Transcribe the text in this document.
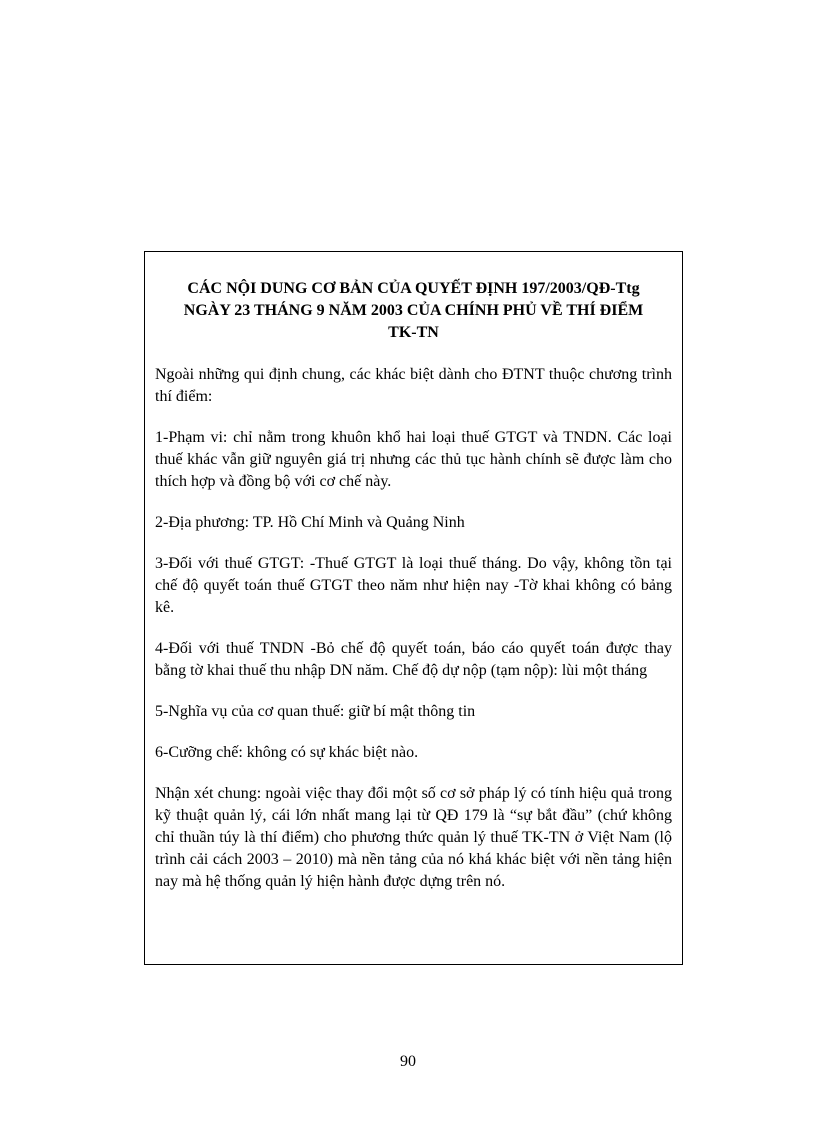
CÁC NỘI DUNG CƠ BẢN CỦA QUYẾT ĐỊNH 197/2003/QĐ-Ttg
NGÀY 23 THÁNG 9 NĂM 2003 CỦA CHÍNH PHỦ VỀ THÍ ĐIỂM
TK-TN

Ngoài những qui định chung, các khác biệt dành cho ĐTNT thuộc chương trình thí điểm:

1-Phạm vi: chỉ nằm trong khuôn khổ hai loại thuế GTGT và TNDN. Các loại thuế khác vẫn giữ nguyên giá trị nhưng các thủ tục hành chính sẽ được làm cho thích hợp và đồng bộ với cơ chế này.

2-Địa phương: TP. Hồ Chí Minh và Quảng Ninh

3-Đối với thuế GTGT: -Thuế GTGT là loại thuế tháng. Do vậy, không tồn tại chế độ quyết toán thuế GTGT theo năm như hiện nay -Tờ khai không có bảng kê.

4-Đối với thuế TNDN -Bỏ chế độ quyết toán, báo cáo quyết toán được thay bằng tờ khai thuế thu nhập DN năm. Chế độ dự nộp (tạm nộp): lùi một tháng

5-Nghĩa vụ của cơ quan thuế: giữ bí mật thông tin

6-Cưỡng chế: không có sự khác biệt nào.

Nhận xét chung: ngoài việc thay đổi một số cơ sở pháp lý có tính hiệu quả trong kỹ thuật quản lý, cái lớn nhất mang lại từ QĐ 179 là “sự bắt đầu” (chứ không chỉ thuần túy là thí điểm) cho phương thức quản lý thuế TK-TN ở Việt Nam (lộ trình cải cách 2003 – 2010) mà nền tảng của nó khá khác biệt với nền tảng hiện nay mà hệ thống quản lý hiện hành được dựng trên nó.

90
